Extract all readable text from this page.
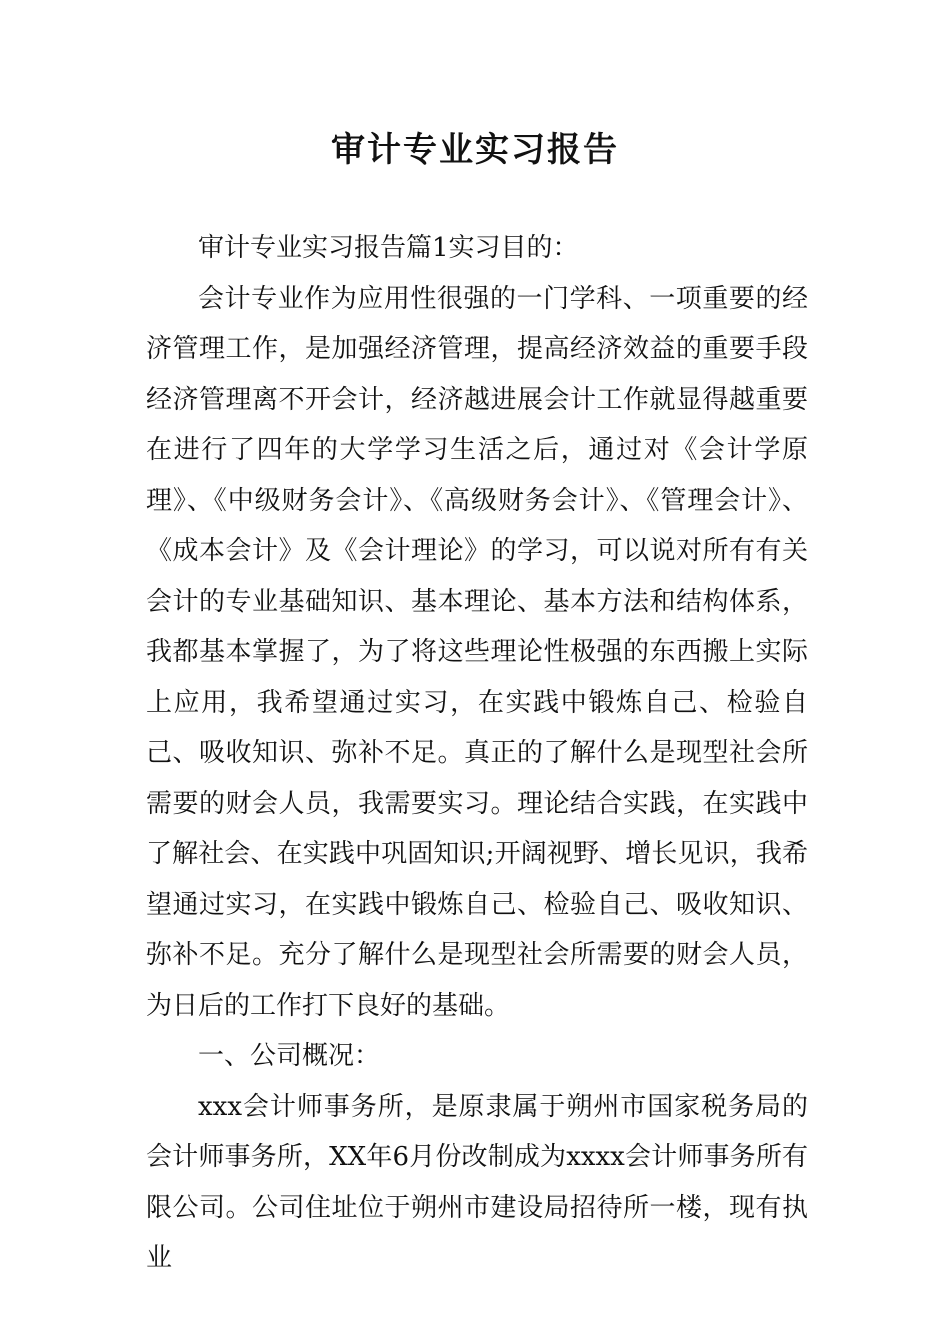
审计专业实习报告

审计专业实习报告篇1实习目的：

会计专业作为应用性很强的一门学科、一项重要的经济管理工作，是加强经济管理，提高经济效益的重要手段经济管理离不开会计，经济越进展会计工作就显得越重要在进行了四年的大学学习生活之后，通过对《会计学原理》、《中级财务会计》、《高级财务会计》、《管理会计》、《成本会计》及《会计理论》的学习，可以说对所有有关会计的专业基础知识、基本理论、基本方法和结构体系，我都基本掌握了，为了将这些理论性极强的东西搬上实际上应用，我希望通过实习，在实践中锻炼自己、检验自己、吸收知识、弥补不足。真正的了解什么是现型社会所需要的财会人员，我需要实习。理论结合实践，在实践中了解社会、在实践中巩固知识;开阔视野、增长见识，我希望通过实习，在实践中锻炼自己、检验自己、吸收知识、弥补不足。充分了解什么是现型社会所需要的财会人员，为日后的工作打下良好的基础。

一、公司概况：

xxx会计师事务所，是原隶属于朔州市国家税务局的会计师事务所，XX年6月份改制成为xxxx会计师事务所有限公司。公司住址位于朔州市建设局招待所一楼，现有执业
